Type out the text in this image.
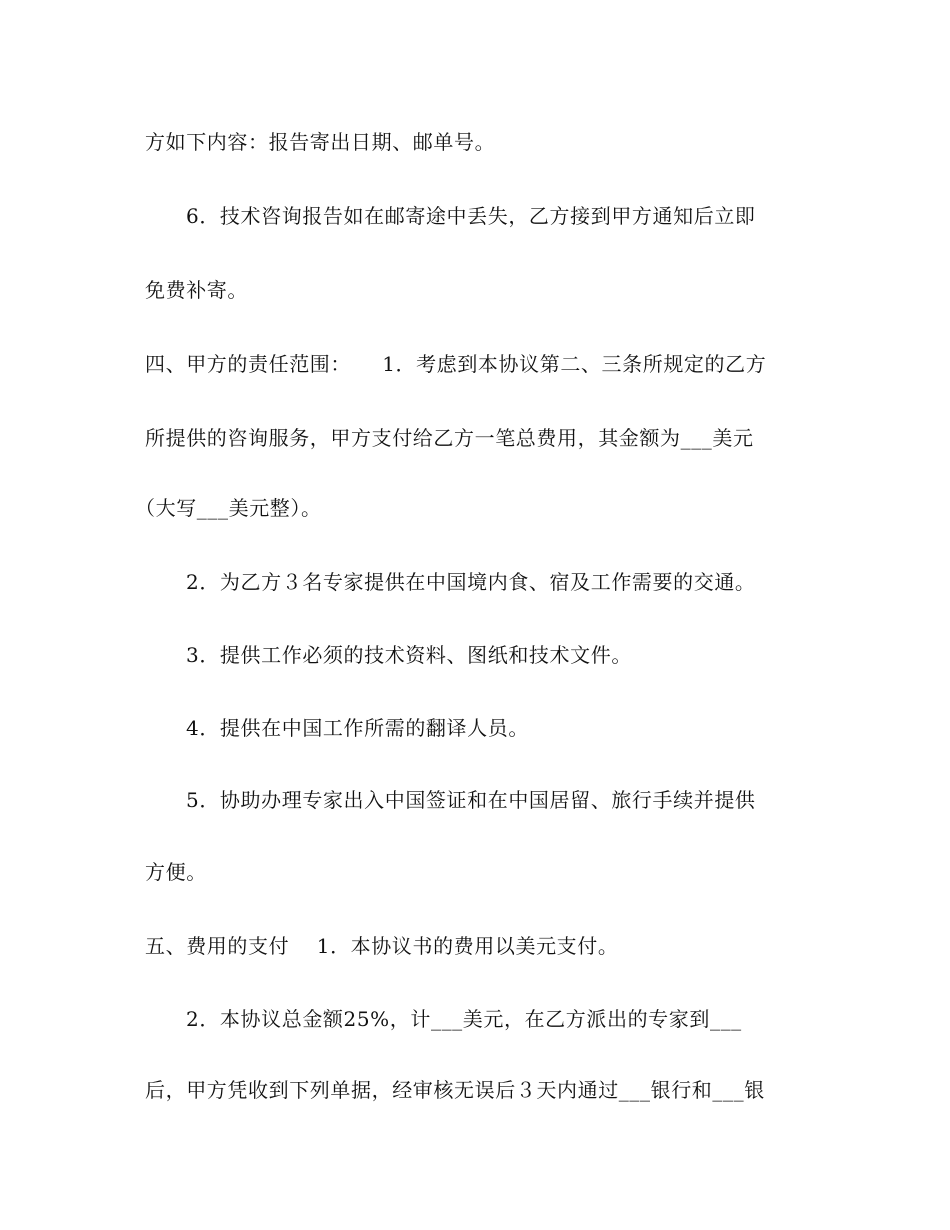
方如下内容：报告寄出日期、邮单号。
6．技术咨询报告如在邮寄途中丢失，乙方接到甲方通知后立即
免费补寄。
四、甲方的责任范围：　　1．考虑到本协议第二、三条所规定的乙方
所提供的咨询服务，甲方支付给乙方一笔总费用，其金额为___美元
（大写___美元整）。
2．为乙方３名专家提供在中国境内食、宿及工作需要的交通。
3．提供工作必须的技术资料、图纸和技术文件。
4．提供在中国工作所需的翻译人员。
5．协助办理专家出入中国签证和在中国居留、旅行手续并提供
方便。
五、费用的支付　 1．本协议书的费用以美元支付。
2．本协议总金额25%，计___美元，在乙方派出的专家到___
后，甲方凭收到下列单据，经审核无误后３天内通过___银行和___银
